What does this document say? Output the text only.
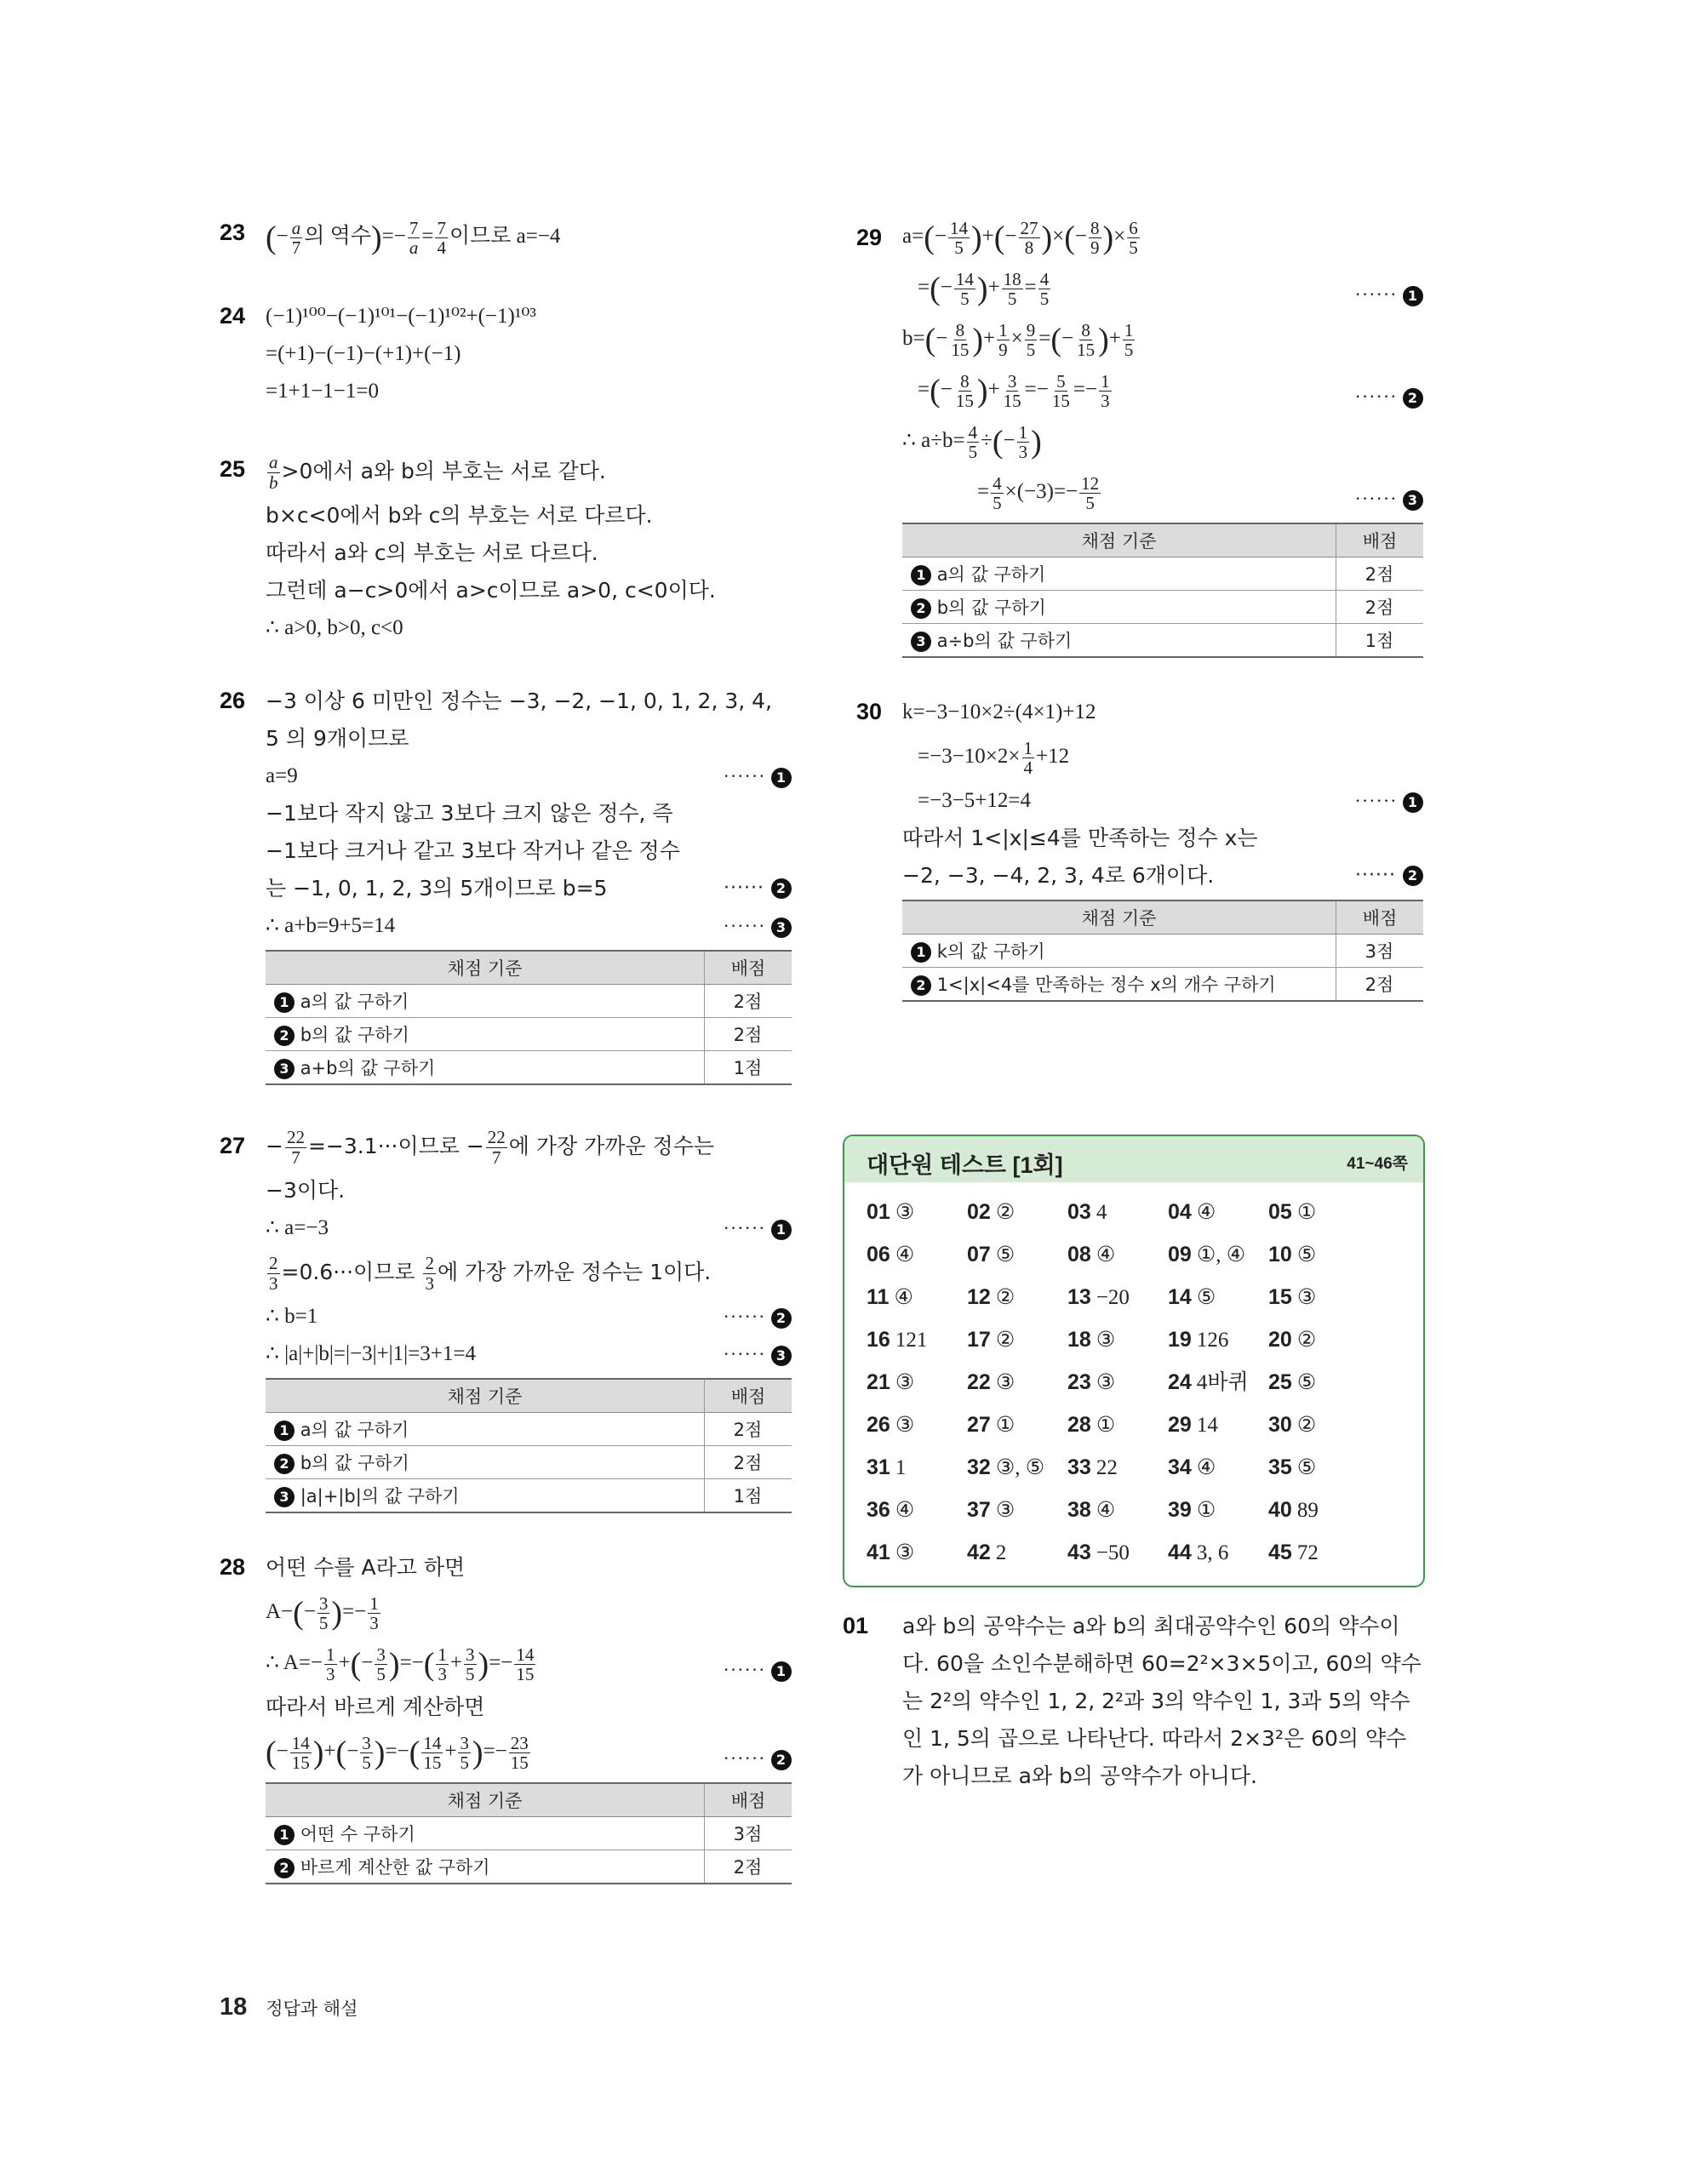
23 (− $\frac{a}{7}$ 의 역수)=− $\frac{7}{a} = \frac{7}{4}$ 이므로 a=−4
24 (−1)¹⁰⁰−(−1)¹⁰¹−(−1)¹⁰²+(−1)¹⁰³
=(+1)−(−1)−(+1)+(−1)
=1+1−1−1=0
25	$\frac{a}{b} >0$에서 a와 b의 부호는 서로 같다.
b×c<0에서 b와 c의 부호는 서로 다르다.
따라서 a와 c의 부호는 서로 다르다.
그런데 a−c>0에서 a>c이므로 a>0, c<0이다.
∴ a>0, b>0, c<0
26 −3 이상 6 미만인 정수는 −3, −2, −1, 0, 1, 2, 3, 4, 5 의 9개이므로
a=9	······ 1
−1보다 작지 않고 3보다 크지 않은 정수, 즉 −1보다 크거나 같고 3보다 작거나 같은 정수는 −1, 0, 1, 2, 3의 5개이므로 b=5	······ 2
∴ a+b=9+5=14	······ 3
채점 기준	배점
1 a의 값 구하기	2점
2 b의 값 구하기	2점
3 a+b의 값 구하기	1점
$27 - \frac{22}{7} =-3.1\cdot\cdot\cdot$이므로 − $\frac{22}{7}$ 에 가장 가까운 정수는
−3이다.
∴ a=−3	······ 1
$\frac{2}{3} =0.6\cdot\cdot\cdot$이므로 $\frac{2}{3}$ 에 가장 가까운 정수는 1이다.
∴ b=1	······ 2
∴ |a|+|b|=|−3|+|1|=3+1=4	······ 3
채점 기준	배점
1 a의 값 구하기	2점
2 b의 값 구하기	2점
3 |a|+|b|의 값 구하기	1점
28 어떤 수를 A라고 하면
$A-(- \frac{3}{5}$ )=− $\frac{1}{3}$
∴ $A=- \frac{1}{3}$ +(− $\frac{3}{5}$ )=−( $\frac{1}{3} + \frac{3}{5}$ )=− $\frac{14}{15}$	······ 1
따라서 바르게 계산하면
(− $\frac{14}{15}$ )+(− $\frac{3}{5}$ )=−( $\frac{14}{15} + \frac{3}{5}$ )=− $\frac{23}{15}$	······ 2
채점 기준	배점
1 어떤 수 구하기	3점
2 바르게 계산한 값 구하기	2점
29 $a=(- \frac{14}{5}$ )+(− $\frac{27}{8}$ )×(− $\frac{8}{9}$ )× $\frac{6}{5}$
=(− $\frac{14}{5}$ )+ $\frac{18}{5} = \frac{4}{5}$	······ 1
$b=(- \frac{8}{15}$ )+ $\frac{1}{9} \times \frac{9}{5}$ =(− $\frac{8}{15}$ )+ $\frac{1}{5}$
=(− $\frac{8}{15}$ )+ $\frac{3}{15} =- \frac{5}{15} =- \frac{1}{3}$	······ 2
∴ $a\div b= \frac{4}{5}$ ÷(− $\frac{1}{3}$ )
= $\frac{4}{5} \times(-3)=- \frac{12}{5}$	······ 3
채점 기준	배점
1 a의 값 구하기	2점
2 b의 값 구하기	2점
3 a÷b의 값 구하기	1점
30 k=−3−10×2÷(4×1)+12
$=-3-10\times 2\times \frac{1}{4} +12$
=−3−5+12=4	······ 1
따라서 1<|x|≤4를 만족하는 정수 x는
−2, −3, −4, 2, 3, 4로 6개이다.	······ 2
채점 기준	배점
1 k의 값 구하기	3점
2 1<|x|<4를 만족하는 정수 x의 개수 구하기	2점
대단원 테스트 [1회]	41~46쪽
01 ③	02 ②	03 4	04 ④	05 ①
06 ④	07 ⑤	08 ④	09 ①, ④	10 ⑤
11 ④	12 ②	13 −20	14 ⑤	15 ③
16 121	17 ②	18 ③	19 126	20 ②
21 ③	22 ③	23 ③	24 4바퀴 25 ⑤
26 ③	27 ①	28 ①	29 14	30 ②
31 1	32 ③, ⑤	33 22	34 ④	35 ⑤
36 ④	37 ③	38 ④	39 ①	40 89
41 ③	42 2	43 −50	44 3, 6	45 72
01	a와 b의 공약수는 a와 b의 최대공약수인 60의 약수이다. 60을 소인수분해하면 60=2²×3×5이고, 60의 약수는 2²의 약수인 1, 2, 2²과 3의 약수인 1, 3과 5의 약수인 1, 5의 곱으로 나타난다. 따라서 2×3²은 60의 약수가 아니므로 a와 b의 공약수가 아니다.
18 정답과 해설
